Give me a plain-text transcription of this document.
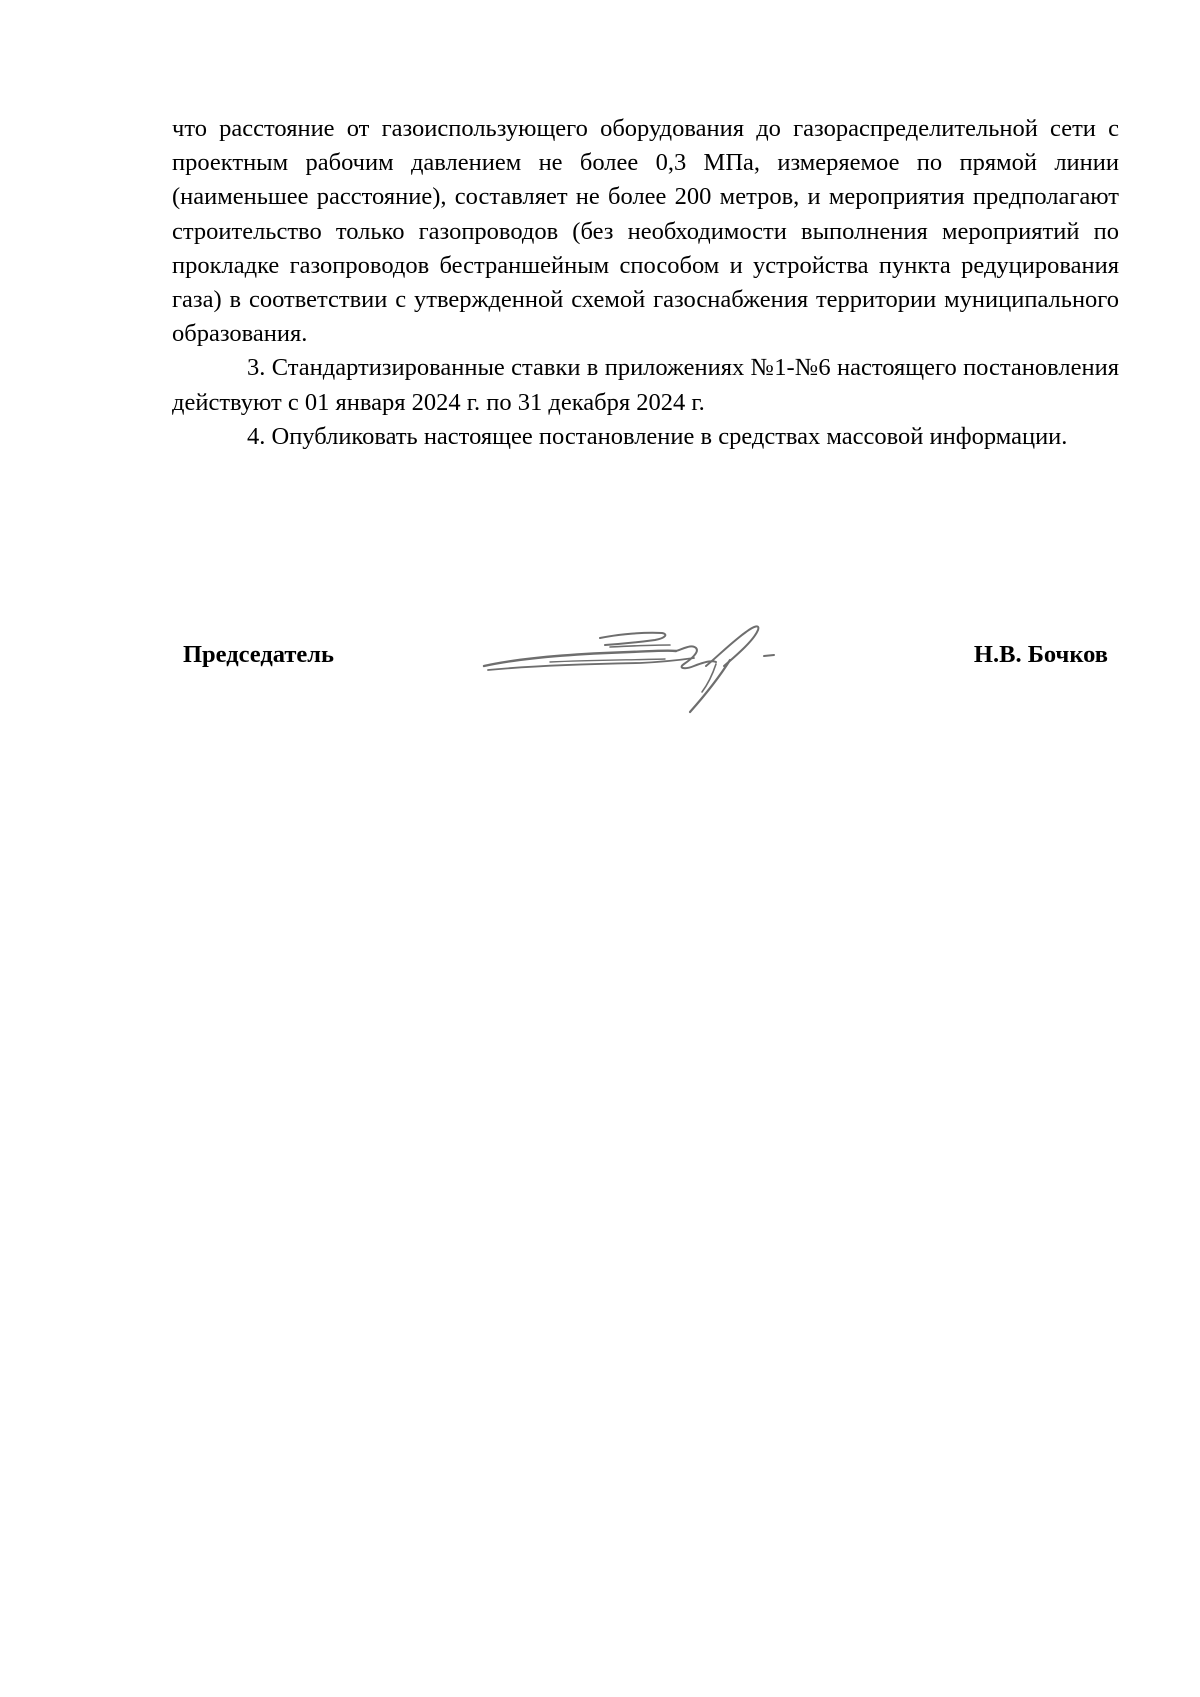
что расстояние от газоиспользующего оборудования до газораспределительной сети с проектным рабочим давлением не более 0,3 МПа, измеряемое по прямой линии (наименьшее расстояние), составляет не более 200 метров, и мероприятия предполагают строительство только газопроводов (без необходимости выполнения мероприятий по прокладке газопроводов бестраншейным способом и устройства пункта редуцирования газа) в соответствии с утвержденной схемой газоснабжения территории муниципального образования.

3. Стандартизированные ставки в приложениях №1-№6 настоящего постановления действуют с 01 января 2024 г. по 31 декабря 2024 г.

4. Опубликовать настоящее постановление в средствах массовой информации.

Председатель	Н.В. Бочков
